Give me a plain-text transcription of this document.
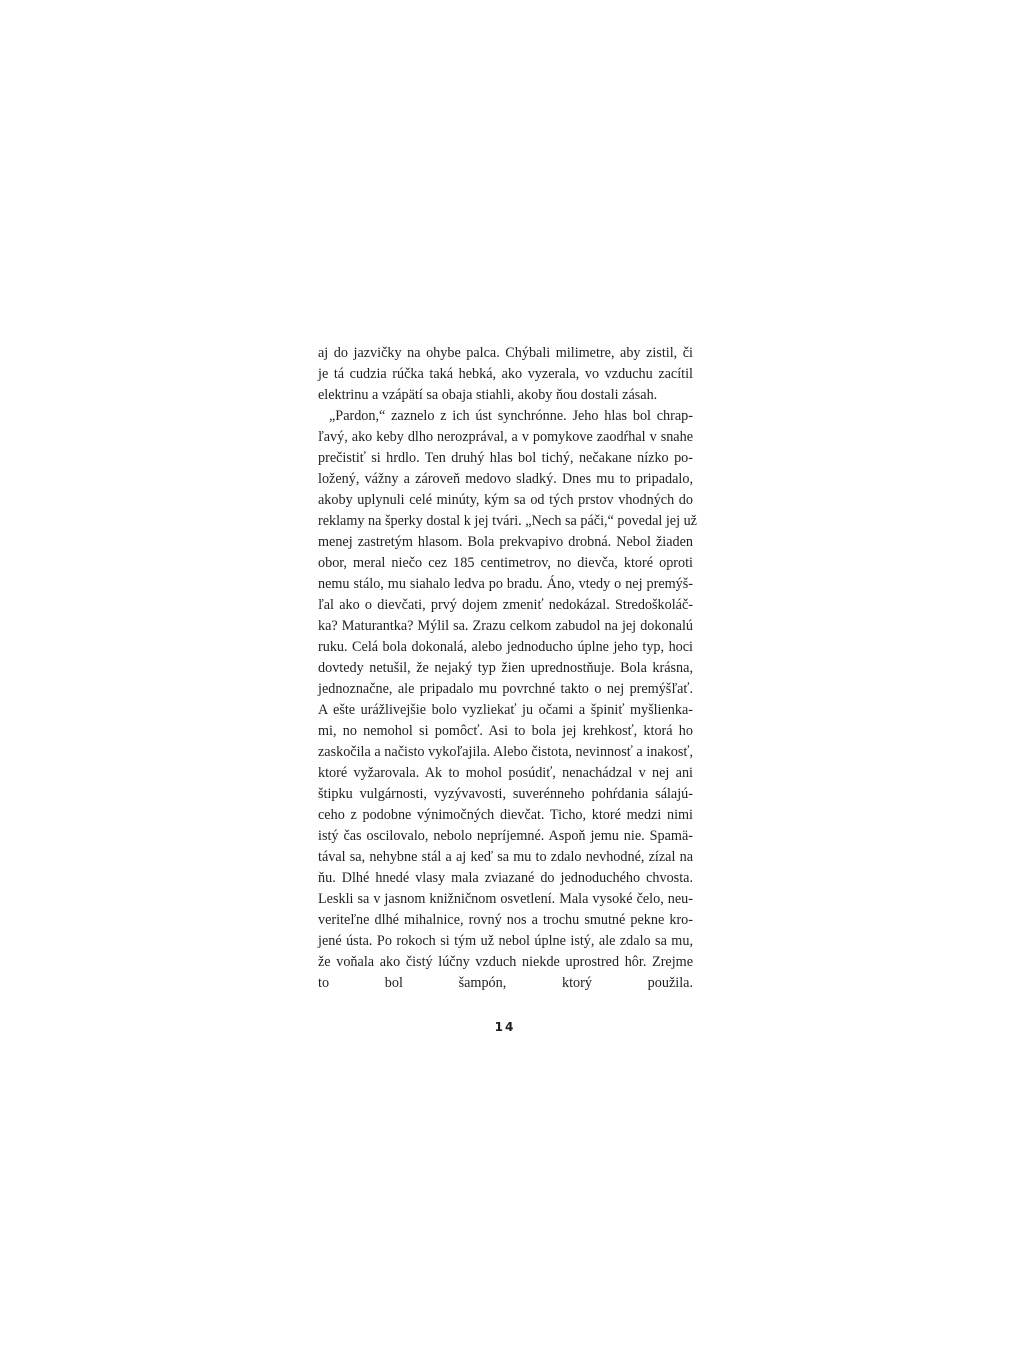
aj do jazvičky na ohybe palca. Chýbali milimetre, aby zistil, či
je tá cudzia rúčka taká hebká, ako vyzerala, vo vzduchu zacítil
elektrinu a vzápätí sa obaja stiahli, akoby ňou dostali zásah.
„Pardon,“ zaznelo z ich úst synchrónne. Jeho hlas bol chrap-
ľavý, ako keby dlho nerozprával, a v pomykove zaodŕhal v snahe
prečistiť si hrdlo. Ten druhý hlas bol tichý, nečakane nízko po-
ložený, vážny a zároveň medovo sladký. Dnes mu to pripadalo,
akoby uplynuli celé minúty, kým sa od tých prstov vhodných do
reklamy na šperky dostal k jej tvári. „Nech sa páči,“ povedal jej už
menej zastretým hlasom. Bola prekvapivo drobná. Nebol žiaden
obor, meral niečo cez 185 centimetrov, no dievča, ktoré oproti
nemu stálo, mu siahalo ledva po bradu. Áno, vtedy o nej premýš-
ľal ako o dievčati, prvý dojem zmeniť nedokázal. Stredoškoláč-
ka? Maturantka? Mýlil sa. Zrazu celkom zabudol na jej dokonalú
ruku. Celá bola dokonalá, alebo jednoducho úplne jeho typ, hoci
dovtedy netušil, že nejaký typ žien uprednostňuje. Bola krásna,
jednoznačne, ale pripadalo mu povrchné takto o nej premýšľať.
A ešte urážlivejšie bolo vyzliekať ju očami a špiniť myšlienka-
mi, no nemohol si pomôcť. Asi to bola jej krehkosť, ktorá ho
zaskočila a načisto vykoľajila. Alebo čistota, nevinnosť a inakosť,
ktoré vyžarovala. Ak to mohol posúdiť, nenachádzal v nej ani
štipku vulgárnosti, vyzývavosti, suverénneho pohŕdania sálajú-
ceho z podobne výnimočných dievčat. Ticho, ktoré medzi nimi
istý čas oscilovalo, nebolo nepríjemné. Aspoň jemu nie. Spamä-
tával sa, nehybne stál a aj keď sa mu to zdalo nevhodné, zízal na
ňu. Dlhé hnedé vlasy mala zviazané do jednoduchého chvosta.
Leskli sa v jasnom knižničnom osvetlení. Mala vysoké čelo, neu-
veriteľne dlhé mihalnice, rovný nos a trochu smutné pekne kro-
jené ústa. Po rokoch si tým už nebol úplne istý, ale zdalo sa mu,
že voňala ako čistý lúčny vzduch niekde uprostred hôr. Zrejme
to bol šampón, ktorý použila.
14
